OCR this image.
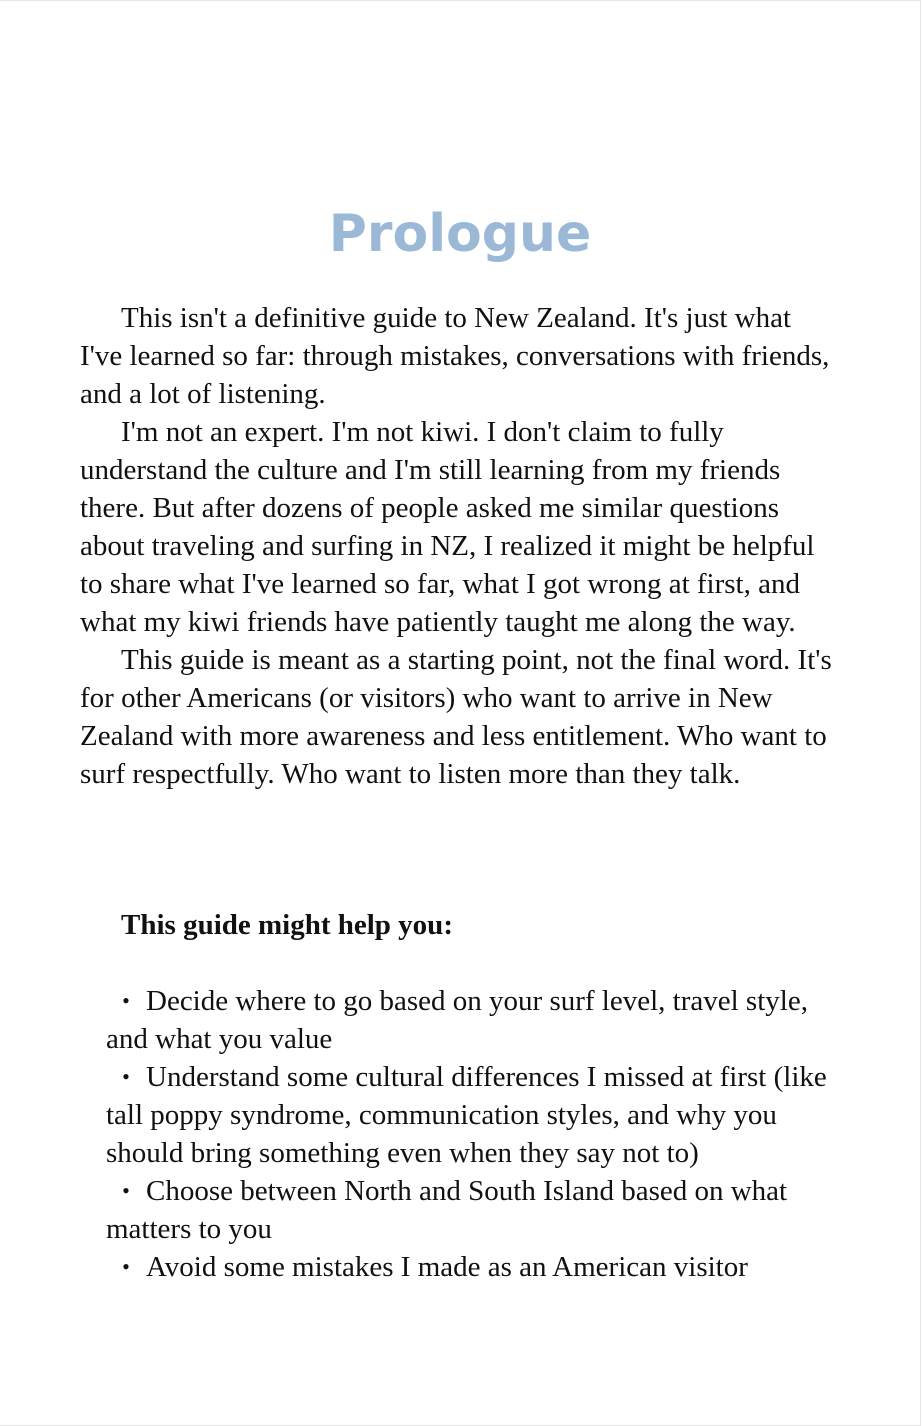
Prologue

This isn't a definitive guide to New Zealand. It's just what I've learned so far: through mistakes, conversations with friends, and a lot of listening.

I'm not an expert. I'm not kiwi. I don't claim to fully understand the culture and I'm still learning from my friends there. But after dozens of people asked me similar questions about traveling and surfing in NZ, I realized it might be helpful to share what I've learned so far, what I got wrong at first, and what my kiwi friends have patiently taught me along the way.

This guide is meant as a starting point, not the final word. It's for other Americans (or visitors) who want to arrive in New Zealand with more awareness and less entitlement. Who want to surf respectfully. Who want to listen more than they talk.

This guide might help you:
• Decide where to go based on your surf level, travel style, and what you value
• Understand some cultural differences I missed at first (like tall poppy syndrome, communication styles, and why you should bring something even when they say not to)
• Choose between North and South Island based on what matters to you
• Avoid some mistakes I made as an American visitor
